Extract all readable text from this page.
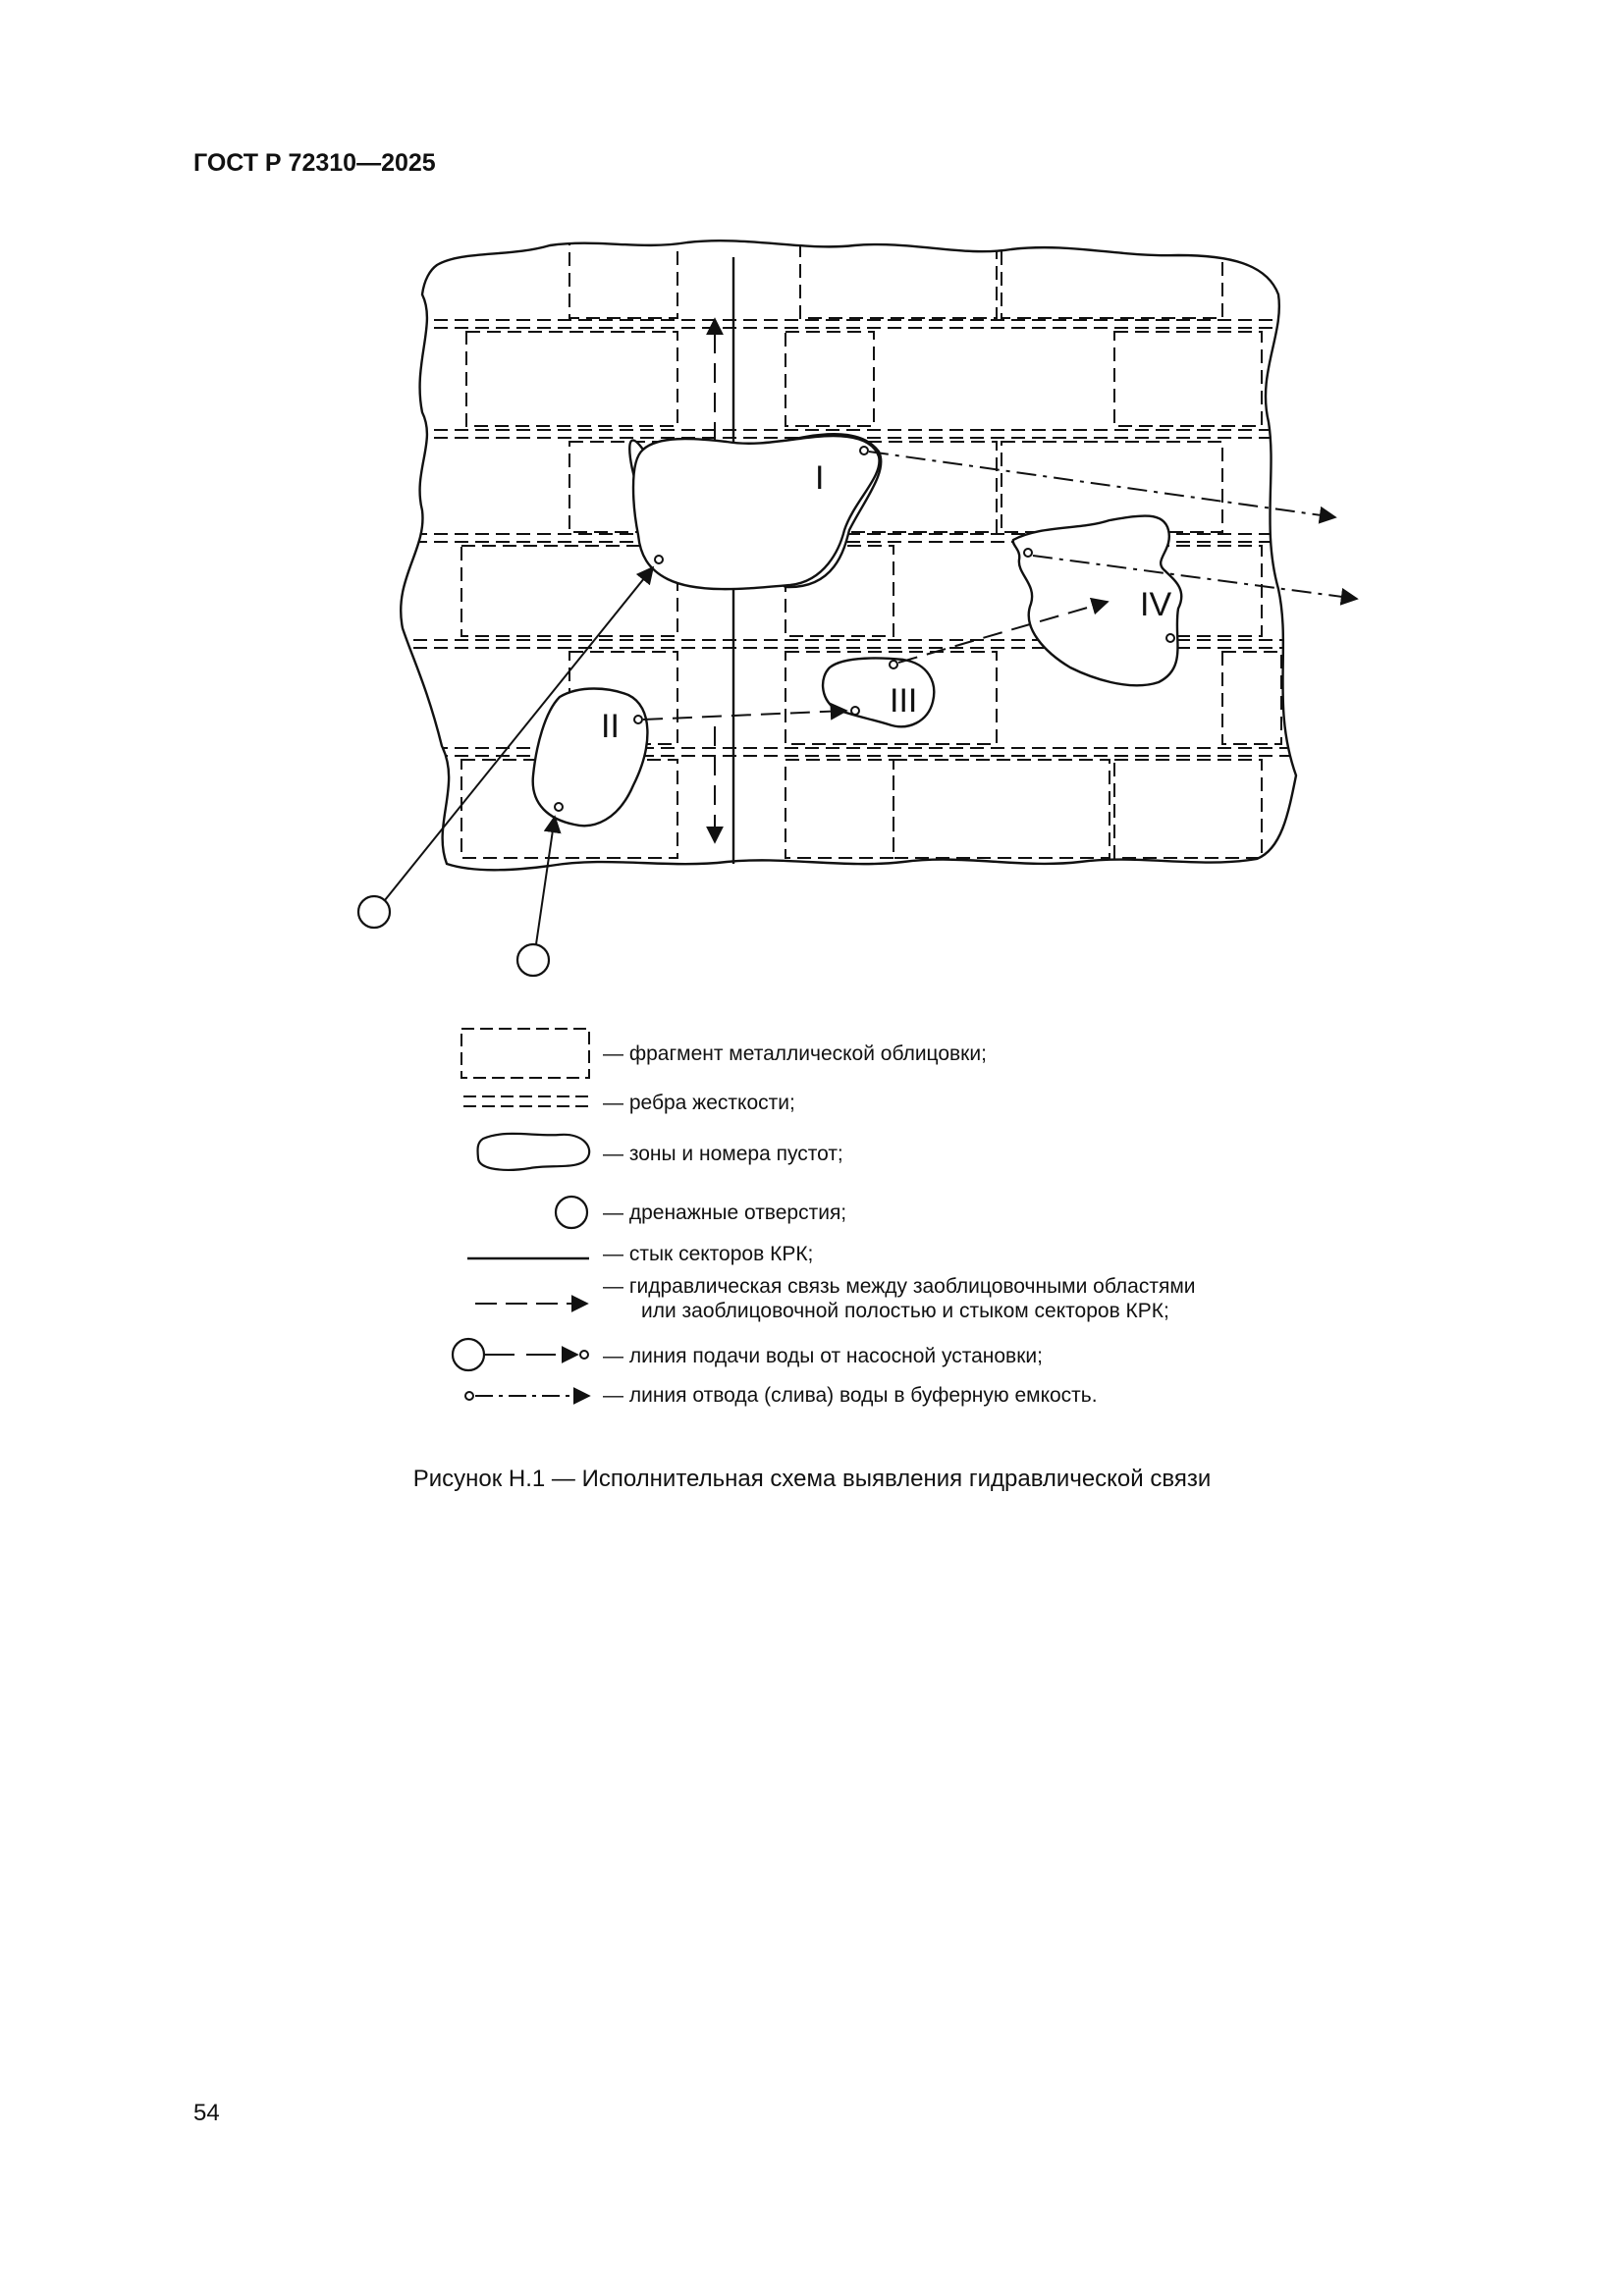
ГОСТ Р 72310—2025
I
II
III
IV
— фрагмент металлической облицовки;
— ребра жесткости;
— зоны и номера пустот;
— дренажные отверстия;
— стык секторов КРК;
— гидравлическая связь между заоблицовочными областями
или заоблицовочной полостью и стыком секторов КРК;
— линия подачи воды от насосной установки;
— линия отвода (слива) воды в буферную емкость.
Рисунок Н.1 — Исполнительная схема выявления гидравлической связи
54
